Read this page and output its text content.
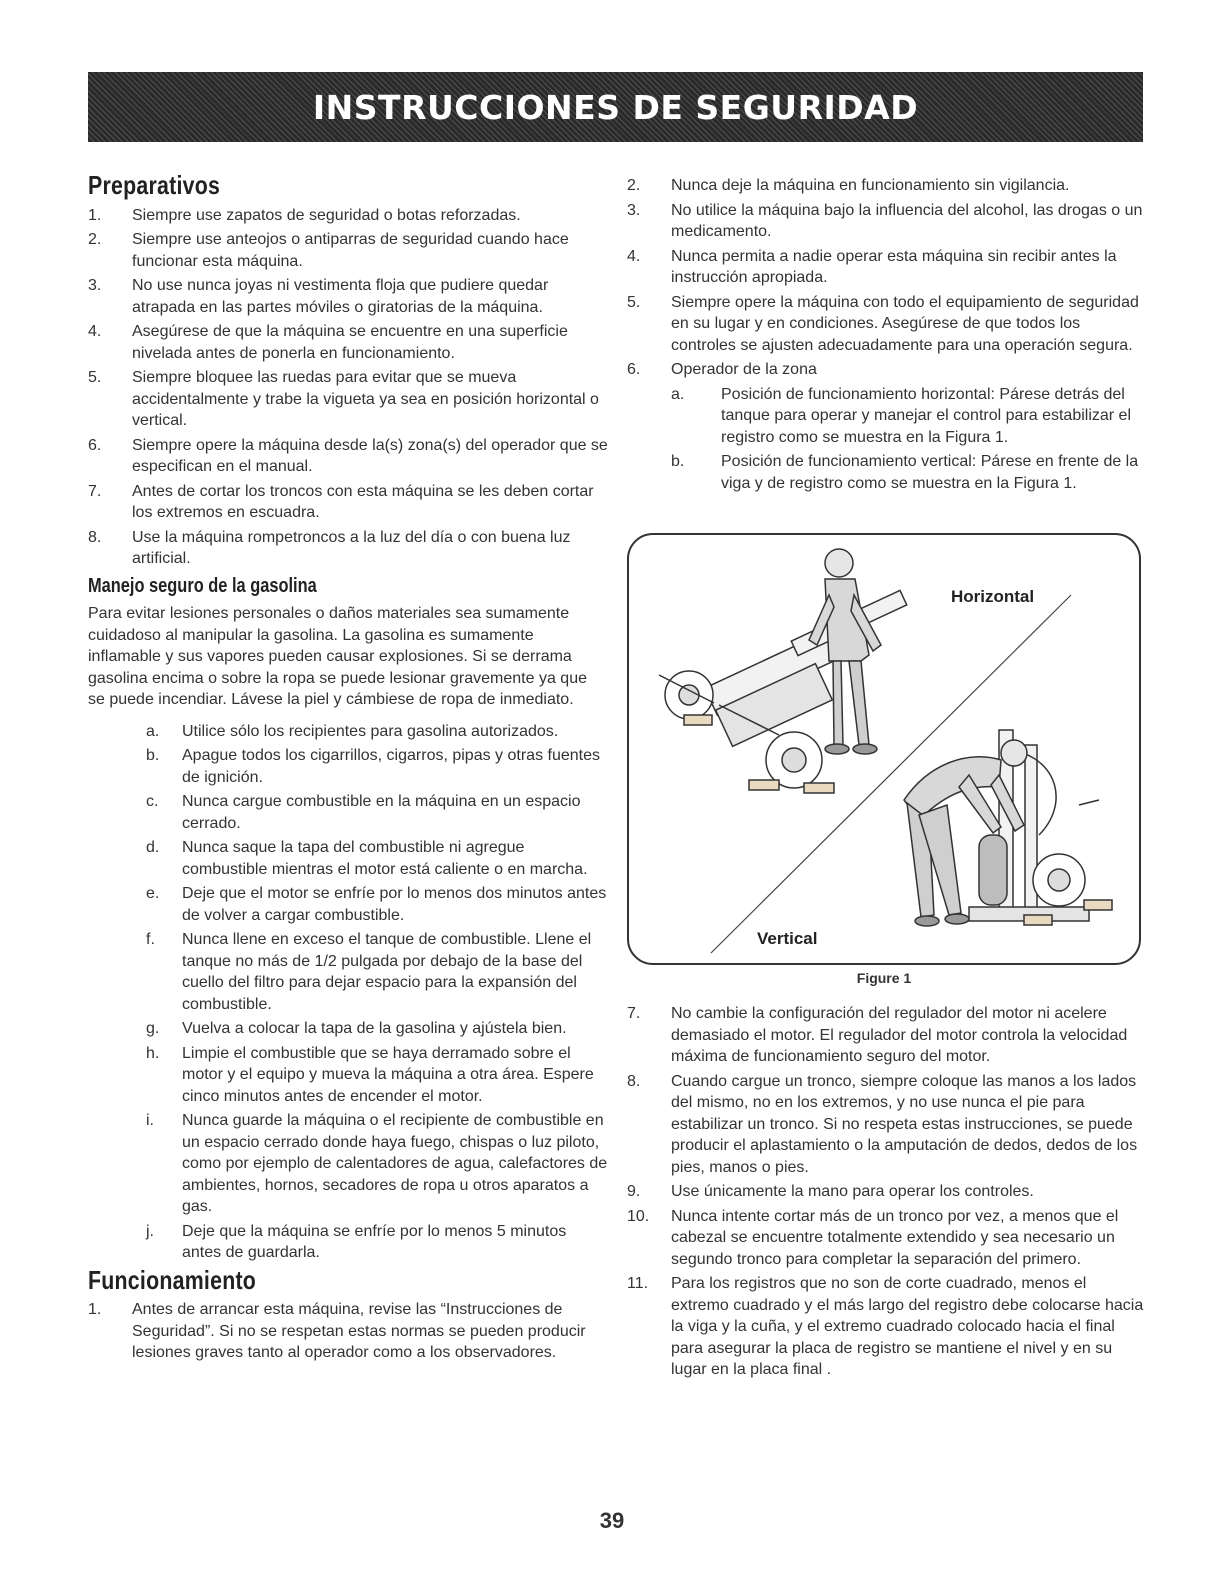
INSTRUCCIONES DE SEGURIDAD
Preparativos
1.	Siempre use zapatos de seguridad o botas reforzadas.
2.	Siempre use anteojos o antiparras de seguridad cuando hace funcionar esta máquina.
3.	No use nunca joyas ni vestimenta floja que pudiere quedar atrapada en las partes móviles o giratorias de la máquina.
4.	Asegúrese de que la máquina se encuentre en una superficie nivelada antes de ponerla en funcionamiento.
5.	Siempre bloquee las ruedas para evitar que se mueva accidentalmente y trabe la vigueta ya sea en posición horizontal o vertical.
6.	Siempre opere la máquina desde la(s) zona(s) del operador que se especifican en el manual.
7.	Antes de cortar los troncos con esta máquina se les deben cortar los extremos en escuadra.
8.	Use la máquina rompetroncos a la luz del día o con buena luz artificial.
Manejo seguro de la gasolina

Para evitar lesiones personales o daños materiales sea sumamente cuidadoso al manipular la gasolina. La gasolina es sumamente inflamable y sus vapores pueden causar explosiones. Si se derrama gasolina encima o sobre la ropa se puede lesionar gravemente ya que se puede incendiar. Lávese la piel y cámbiese de ropa de inmediato.

a.	Utilice sólo los recipientes para gasolina autorizados.
b.	Apague todos los cigarrillos, cigarros, pipas y otras fuentes de ignición.
c.	Nunca cargue combustible en la máquina en un espacio cerrado.
d.	Nunca saque la tapa del combustible ni agregue combustible mientras el motor está caliente o en marcha.
e.	Deje que el motor se enfríe por lo menos dos minutos antes de volver a cargar combustible.
f.	Nunca llene en exceso el tanque de combustible. Llene el tanque no más de 1/2 pulgada por debajo de la base del cuello del filtro para dejar espacio para la expansión del combustible.
g.	Vuelva a colocar la tapa de la gasolina y ajústela bien.
h.	Limpie el combustible que se haya derramado sobre el motor y el equipo y mueva la máquina a otra área. Espere cinco minutos antes de encender el motor.
i.	Nunca guarde la máquina o el recipiente de combustible en un espacio cerrado donde haya fuego, chispas o luz piloto, como por ejemplo de calentadores de agua, calefactores de ambientes, hornos, secadores de ropa u otros aparatos a gas.
j.	Deje que la máquina se enfríe por lo menos 5 minutos antes de guardarla.
Funcionamiento
1.	Antes de arrancar esta máquina, revise las “Instrucciones de Seguridad”. Si no se respetan estas normas se pueden producir lesiones graves tanto al operador como a los observadores.
2.	Nunca deje la máquina en funcionamiento sin vigilancia.
3.	No utilice la máquina bajo la influencia del alcohol, las drogas o un medicamento.
4.	Nunca permita a nadie operar esta máquina sin recibir antes la instrucción apropiada.
5.	Siempre opere la máquina con todo el equipamiento de seguridad en su lugar y en condiciones. Asegúrese de que todos los controles se ajusten adecuadamente para una operación segura.
6.	Operador de la zona
a.	Posición de funcionamiento horizontal: Párese detrás del tanque para operar y manejar el control para estabilizar el registro como se muestra en la Figura 1.
b.	Posición de funcionamiento vertical: Párese en frente de la viga y de registro como se muestra en la Figura 1.
Horizontal
Vertical
Figure 1
7.	No cambie la configuración del regulador del motor ni acelere demasiado el motor. El regulador del motor controla la velocidad máxima de funcionamiento seguro del motor.
8.	Cuando cargue un tronco, siempre coloque las manos a los lados del mismo, no en los extremos, y no use nunca el pie para estabilizar un tronco. Si no respeta estas instrucciones, se puede producir el aplastamiento o la amputación de dedos, dedos de los pies, manos o pies.
9.	Use únicamente la mano para operar los controles.
10.	Nunca intente cortar más de un tronco por vez, a menos que el cabezal se encuentre totalmente extendido y sea necesario un segundo tronco para completar la separación del primero.
11.	Para los registros que no son de corte cuadrado, menos el extremo cuadrado y el más largo del registro debe colocarse hacia la viga y la cuña, y el extremo cuadrado colocado hacia el final para asegurar la placa de registro se mantiene el nivel y en su lugar en la placa final .
39
